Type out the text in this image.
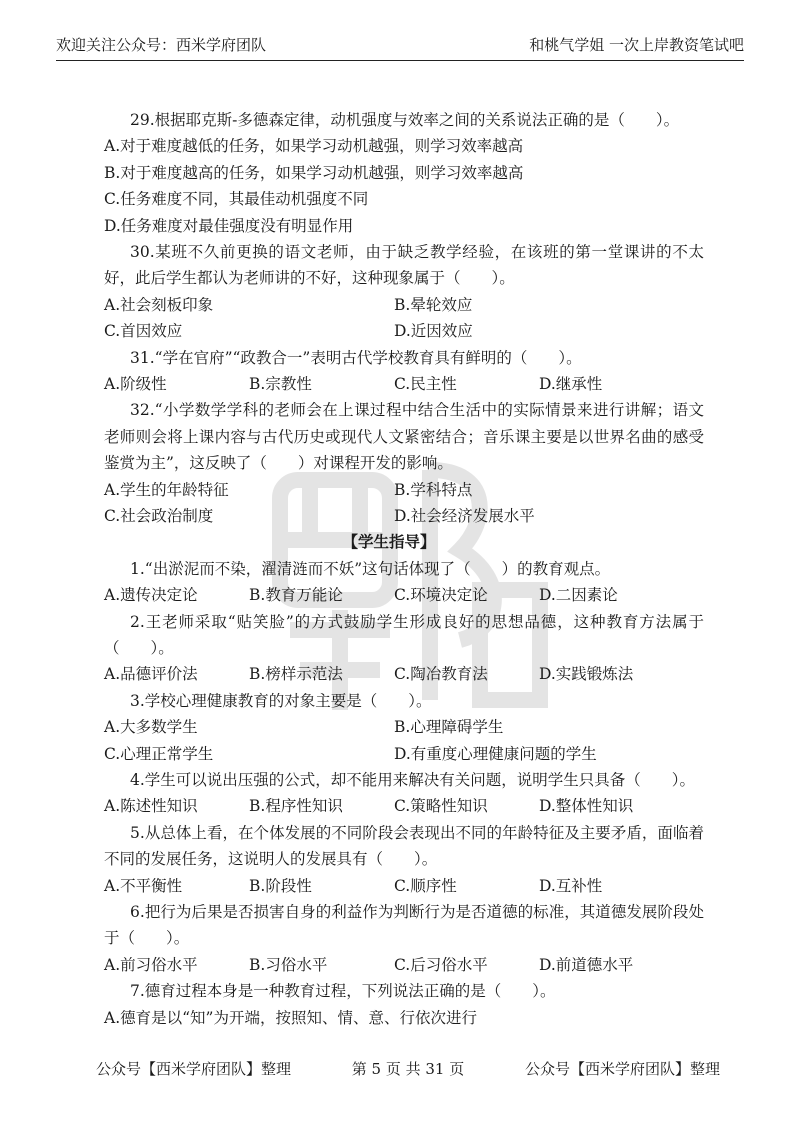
欢迎关注公众号：西米学府团队	和桃气学姐 一次上岸教资笔试吧
29.根据耶克斯-多德森定律，动机强度与效率之间的关系说法正确的是（　　）。
A.对于难度越低的任务，如果学习动机越强，则学习效率越高
B.对于难度越高的任务，如果学习动机越强，则学习效率越高
C.任务难度不同，其最佳动机强度不同
D.任务难度对最佳强度没有明显作用
30.某班不久前更换的语文老师，由于缺乏教学经验，在该班的第一堂课讲的不太好，此后学生都认为老师讲的不好，这种现象属于（　　）。
A.社会刻板印象	B.晕轮效应
C.首因效应	D.近因效应
31.“学在官府”“政教合一”表明古代学校教育具有鲜明的（　　）。
A.阶级性	B.宗教性	C.民主性	D.继承性
32.“小学数学学科的老师会在上课过程中结合生活中的实际情景来进行讲解；语文老师则会将上课内容与古代历史或现代人文紧密结合；音乐课主要是以世界名曲的感受鉴赏为主”，这反映了（　　）对课程开发的影响。
A.学生的年龄特征	B.学科特点
C.社会政治制度	D.社会经济发展水平
【学生指导】
1.“出淤泥而不染，濯清涟而不妖”这句话体现了（　　）的教育观点。
A.遗传决定论	B.教育万能论	C.环境决定论	D.二因素论
2.王老师采取“贴笑脸”的方式鼓励学生形成良好的思想品德，这种教育方法属于（　　）。
A.品德评价法	B.榜样示范法	C.陶冶教育法	D.实践锻炼法
3.学校心理健康教育的对象主要是（　　）。
A.大多数学生	B.心理障碍学生
C.心理正常学生	D.有重度心理健康问题的学生
4.学生可以说出压强的公式，却不能用来解决有关问题，说明学生只具备（　　）。
A.陈述性知识	B.程序性知识	C.策略性知识	D.整体性知识
5.从总体上看，在个体发展的不同阶段会表现出不同的年龄特征及主要矛盾，面临着不同的发展任务，这说明人的发展具有（　　）。
A.不平衡性	B.阶段性	C.顺序性	D.互补性
6.把行为后果是否损害自身的利益作为判断行为是否道德的标准，其道德发展阶段处于（　　）。
A.前习俗水平	B.习俗水平	C.后习俗水平	D.前道德水平
7.德育过程本身是一种教育过程，下列说法正确的是（　　）。
A.德育是以“知”为开端，按照知、情、意、行依次进行
公众号【西米学府团队】整理	第 5 页 共 31 页	公众号【西米学府团队】整理
